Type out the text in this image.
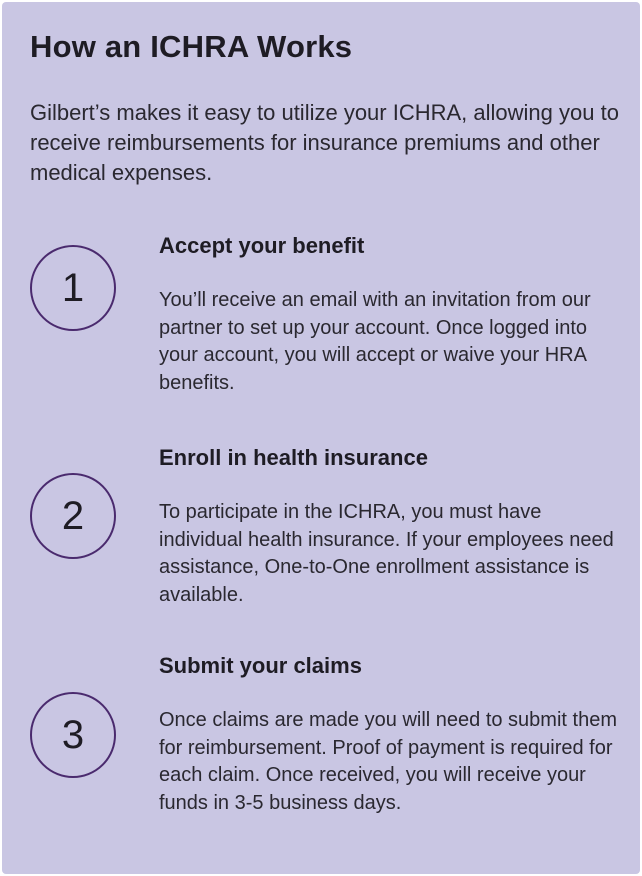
How an ICHRA Works

Gilbert’s makes it easy to utilize your ICHRA, allowing you to receive reimbursements for insurance premiums and other medical expenses.

1
Accept your benefit

You’ll receive an email with an invitation from our partner to set up your account. Once logged into your account, you will accept or waive your HRA benefits.

2
Enroll in health insurance

To participate in the ICHRA, you must have individual health insurance. If your employees need assistance, One-to-One enrollment assistance is available.

3
Submit your claims

Once claims are made you will need to submit them for reimbursement. Proof of payment is required for each claim. Once received, you will receive your funds in 3-5 business days.
